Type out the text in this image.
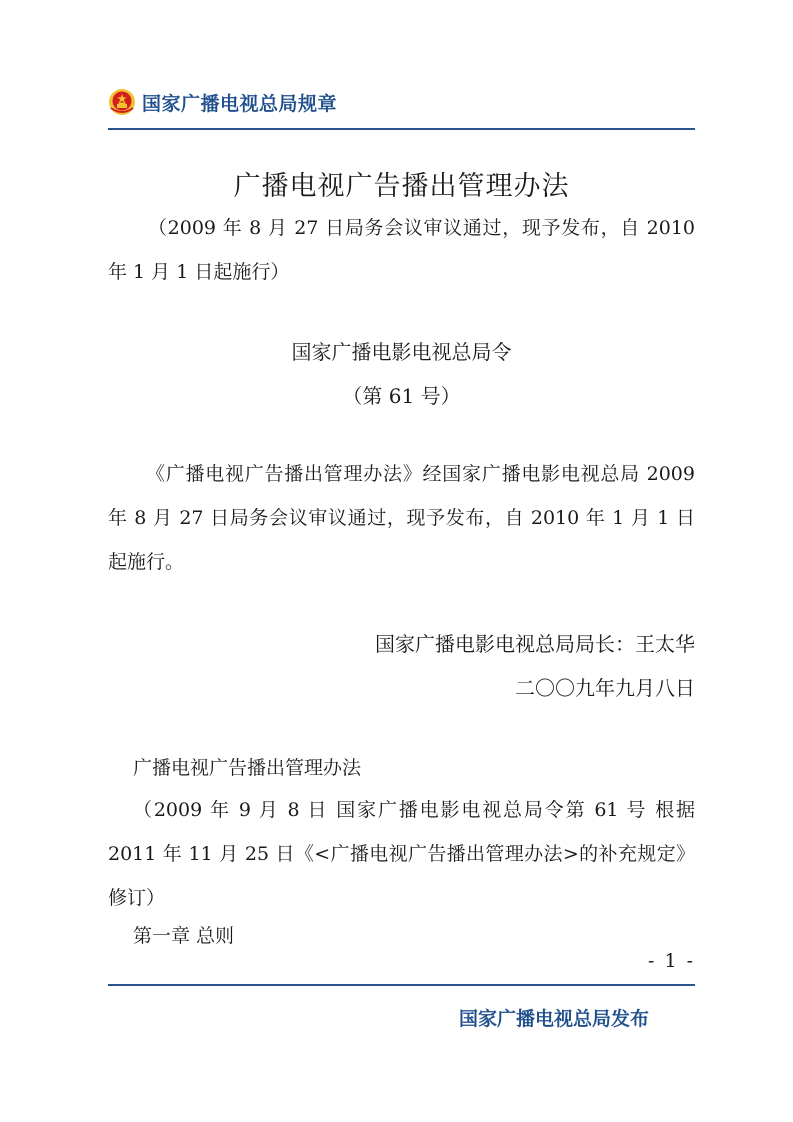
国家广播电视总局规章
广播电视广告播出管理办法
（2009 年 8 月 27 日局务会议审议通过，现予发布，自 2010 年 1 月 1 日起施行）
国家广播电影电视总局令
（第 61 号）
《广播电视广告播出管理办法》经国家广播电影电视总局 2009 年 8 月 27 日局务会议审议通过，现予发布，自 2010 年 1 月 1 日起施行。
国家广播电影电视总局局长：王太华
二〇〇九年九月八日
广播电视广告播出管理办法
（2009 年 9 月 8 日 国家广播电影电视总局令第 61 号 根据 2011 年 11 月 25 日《<广播电视广告播出管理办法>的补充规定》修订）
第一章 总则
- 1 -
国家广播电视总局发布
